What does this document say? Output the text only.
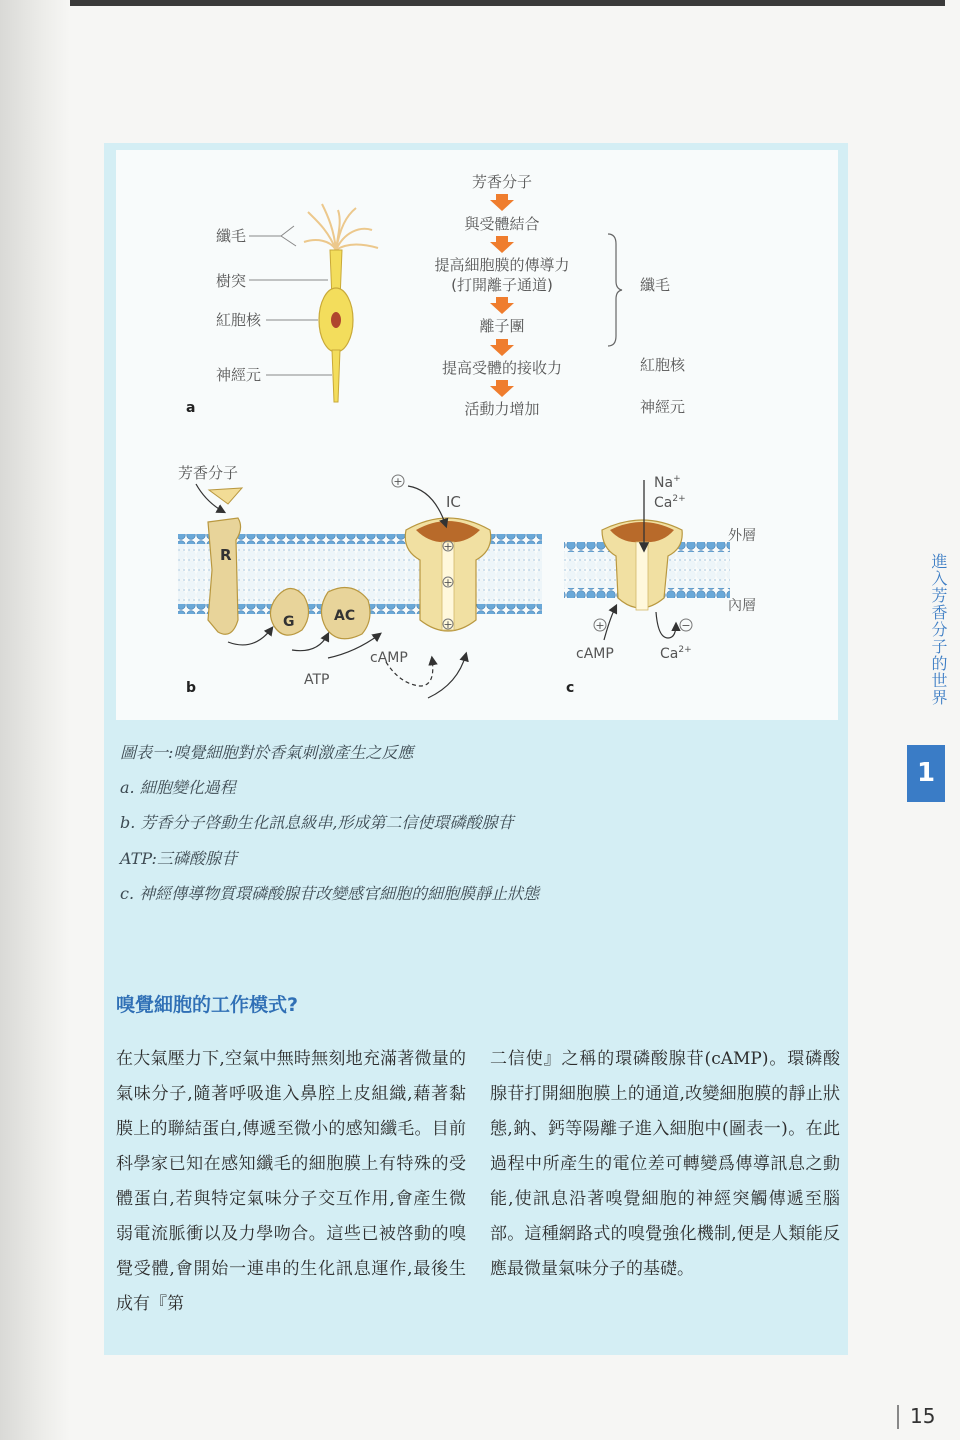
纖毛
樹突
紅胞核
神經元
a
芳香分子
與受體結合
提高細胞膜的傳導力
(打開離子通道)
離子團
提高受體的接收力
活動力增加
纖毛
紅胞核
神經元
芳香分子
R
G	AC
+
+
+
+
IC
cAMP
ATP
b
Na+
$Ca^{2+}$
外層
內層
+	−
cAMP	$Ca^{2+}$
c
圖表一:嗅覺細胞對於香氣刺激產生之反應
a. 細胞變化過程
b. 芳香分子啓動生化訊息級串,形成第二信使環磷酸腺苷
ATP:三磷酸腺苷
c. 神經傳導物質環磷酸腺苷改變感官細胞的細胞膜靜止狀態
嗅覺細胞的工作模式?
在大氣壓力下,空氣中無時無刻地充滿著微量的氣味分子,隨著呼吸進入鼻腔上皮組織,藉著黏膜上的聯結蛋白,傳遞至微小的感知纖毛。目前科學家已知在感知纖毛的細胞膜上有特殊的受體蛋白,若與特定氣味分子交互作用,會產生微弱電流脈衝以及力學吻合。這些已被啓動的嗅覺受體,會開始一連串的生化訊息運作,最後生成有『第
二信使』之稱的環磷酸腺苷(cAMP)。環磷酸腺苷打開細胞膜上的通道,改變細胞膜的靜止狀態,鈉、鈣等陽離子進入細胞中(圖表一)。在此過程中所產生的電位差可轉變爲傳導訊息之動能,使訊息沿著嗅覺細胞的神經突觸傳遞至腦部。這種網路式的嗅覺強化機制,便是人類能反應最微量氣味分子的基礎。
進入芳香分子的世界
1
15
